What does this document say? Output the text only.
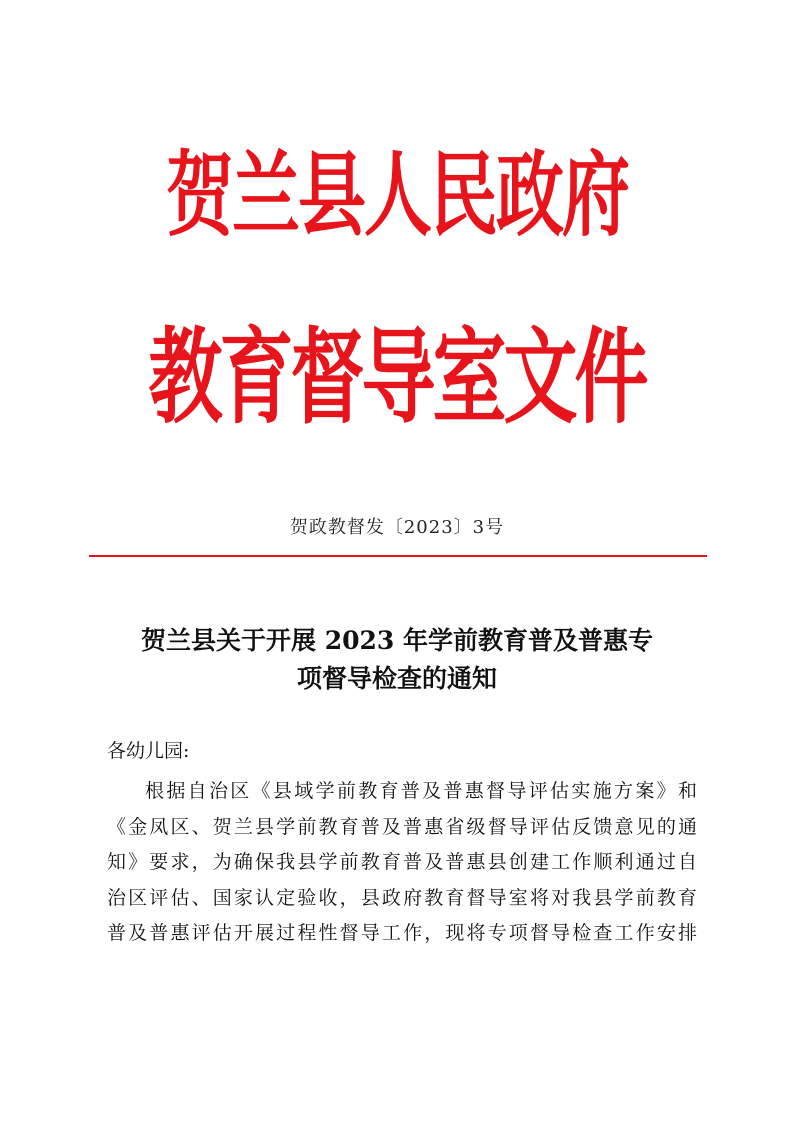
贺兰县人民政府
教育督导室文件
贺政教督发〔2023〕3号
贺兰县关于开展 2023 年学前教育普及普惠专
项督导检查的通知
各幼儿园:
根据自治区《县域学前教育普及普惠督导评估实施方案》和
《金凤区、贺兰县学前教育普及普惠省级督导评估反馈意见的通
知》要求，为确保我县学前教育普及普惠县创建工作顺利通过自
治区评估、国家认定验收，县政府教育督导室将对我县学前教育
普及普惠评估开展过程性督导工作，现将专项督导检查工作安排
